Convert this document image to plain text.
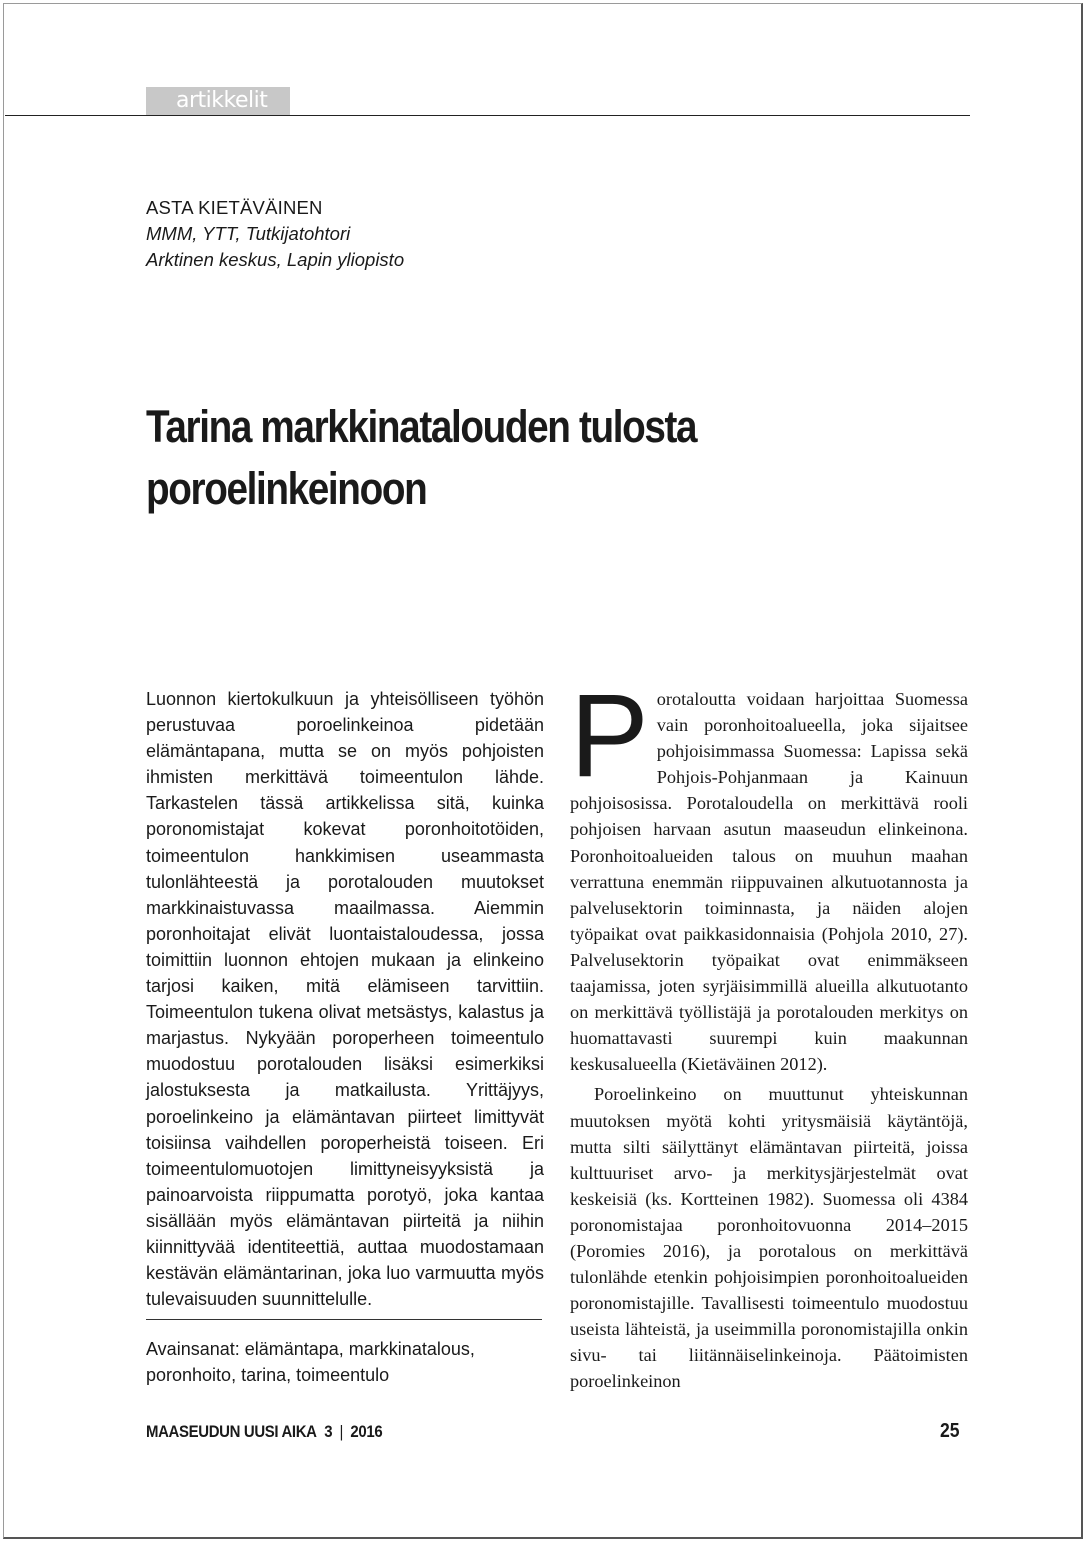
artikkelit
ASTA KIETÄVÄINEN
MMM, YTT, Tutkijatohtori
Arktinen keskus, Lapin yliopisto
Tarina markkinatalouden tulosta
poroelinkeinoon

Luonnon kiertokulkuun ja yhteisölliseen työhön perustuvaa poroelinkeinoa pidetään elämäntapana, mutta se on myös pohjoisten ihmisten merkittävä toimeentulon lähde. Tarkastelen tässä artikkelissa sitä, kuinka poronomistajat kokevat poronhoitotöiden, toimeentulon hankkimisen useammasta tulonlähteestä ja porotalouden muutokset markkinaistuvassa maailmassa. Aiemmin poronhoitajat elivät luontaistaloudessa, jossa toimittiin luonnon ehtojen mukaan ja elinkeino tarjosi kaiken, mitä elämiseen tarvittiin. Toimeentulon tukena olivat metsästys, kalastus ja marjastus. Nykyään poroperheen toimeentulo muodostuu porotalouden lisäksi esimerkiksi jalostuksesta ja matkailusta. Yrittäjyys, poroelinkeino ja elämäntavan piirteet limittyvät toisiinsa vaihdellen poroperheistä toiseen. Eri toimeentulomuotojen limittyneisyyksistä ja painoarvoista riippumatta porotyö, joka kantaa sisällään myös elämäntavan piirteitä ja niihin kiinnittyvää identiteettiä, auttaa muodostamaan kestävän elämäntarinan, joka luo varmuutta myös tulevaisuuden suunnittelulle.

Avainsanat: elämäntapa, markkinatalous,
poronhoito, tarina, toimeentulo

Porotaloutta voidaan harjoittaa Suomessa vain poronhoitoalueella, joka sijaitsee pohjoisimmassa Suomessa: Lapissa sekä Pohjois-Pohjanmaan ja Kainuun pohjoisosissa. Porotaloudella on merkittävä rooli pohjoisen harvaan asutun maaseudun elinkeinona. Poronhoitoalueiden talous on muuhun maahan verrattuna enemmän riippuvainen alkutuotannosta ja palvelusektorin toiminnasta, ja näiden alojen työpaikat ovat paikkasidonnaisia (Pohjola 2010, 27). Palvelusektorin työpaikat ovat enimmäkseen taajamissa, joten syrjäisimmillä alueilla alkutuotanto on merkittävä työllistäjä ja porotalouden merkitys on huomattavasti suurempi kuin maakunnan keskusalueella (Kietäväinen 2012).

Poroelinkeino on muuttunut yhteiskunnan muutoksen myötä kohti yritysmäisiä käytäntöjä, mutta silti säilyttänyt elämäntavan piirteitä, joissa kulttuuriset arvo- ja merkitysjärjestelmät ovat keskeisiä (ks. Kortteinen 1982). Suomessa oli 4384 poronomistajaa poronhoitovuonna 2014–2015 (Poromies 2016), ja porotalous on merkittävä tulonlähde etenkin pohjoisimpien poronhoitoalueiden poronomistajille. Tavallisesti toimeentulo muodostuu useista lähteistä, ja useimmilla poronomistajilla onkin sivu- tai liitännäiselinkeinoja. Päätoimisten poroelinkeinon

MAASEUDUN UUSI AIKA 3 | 2016	25
